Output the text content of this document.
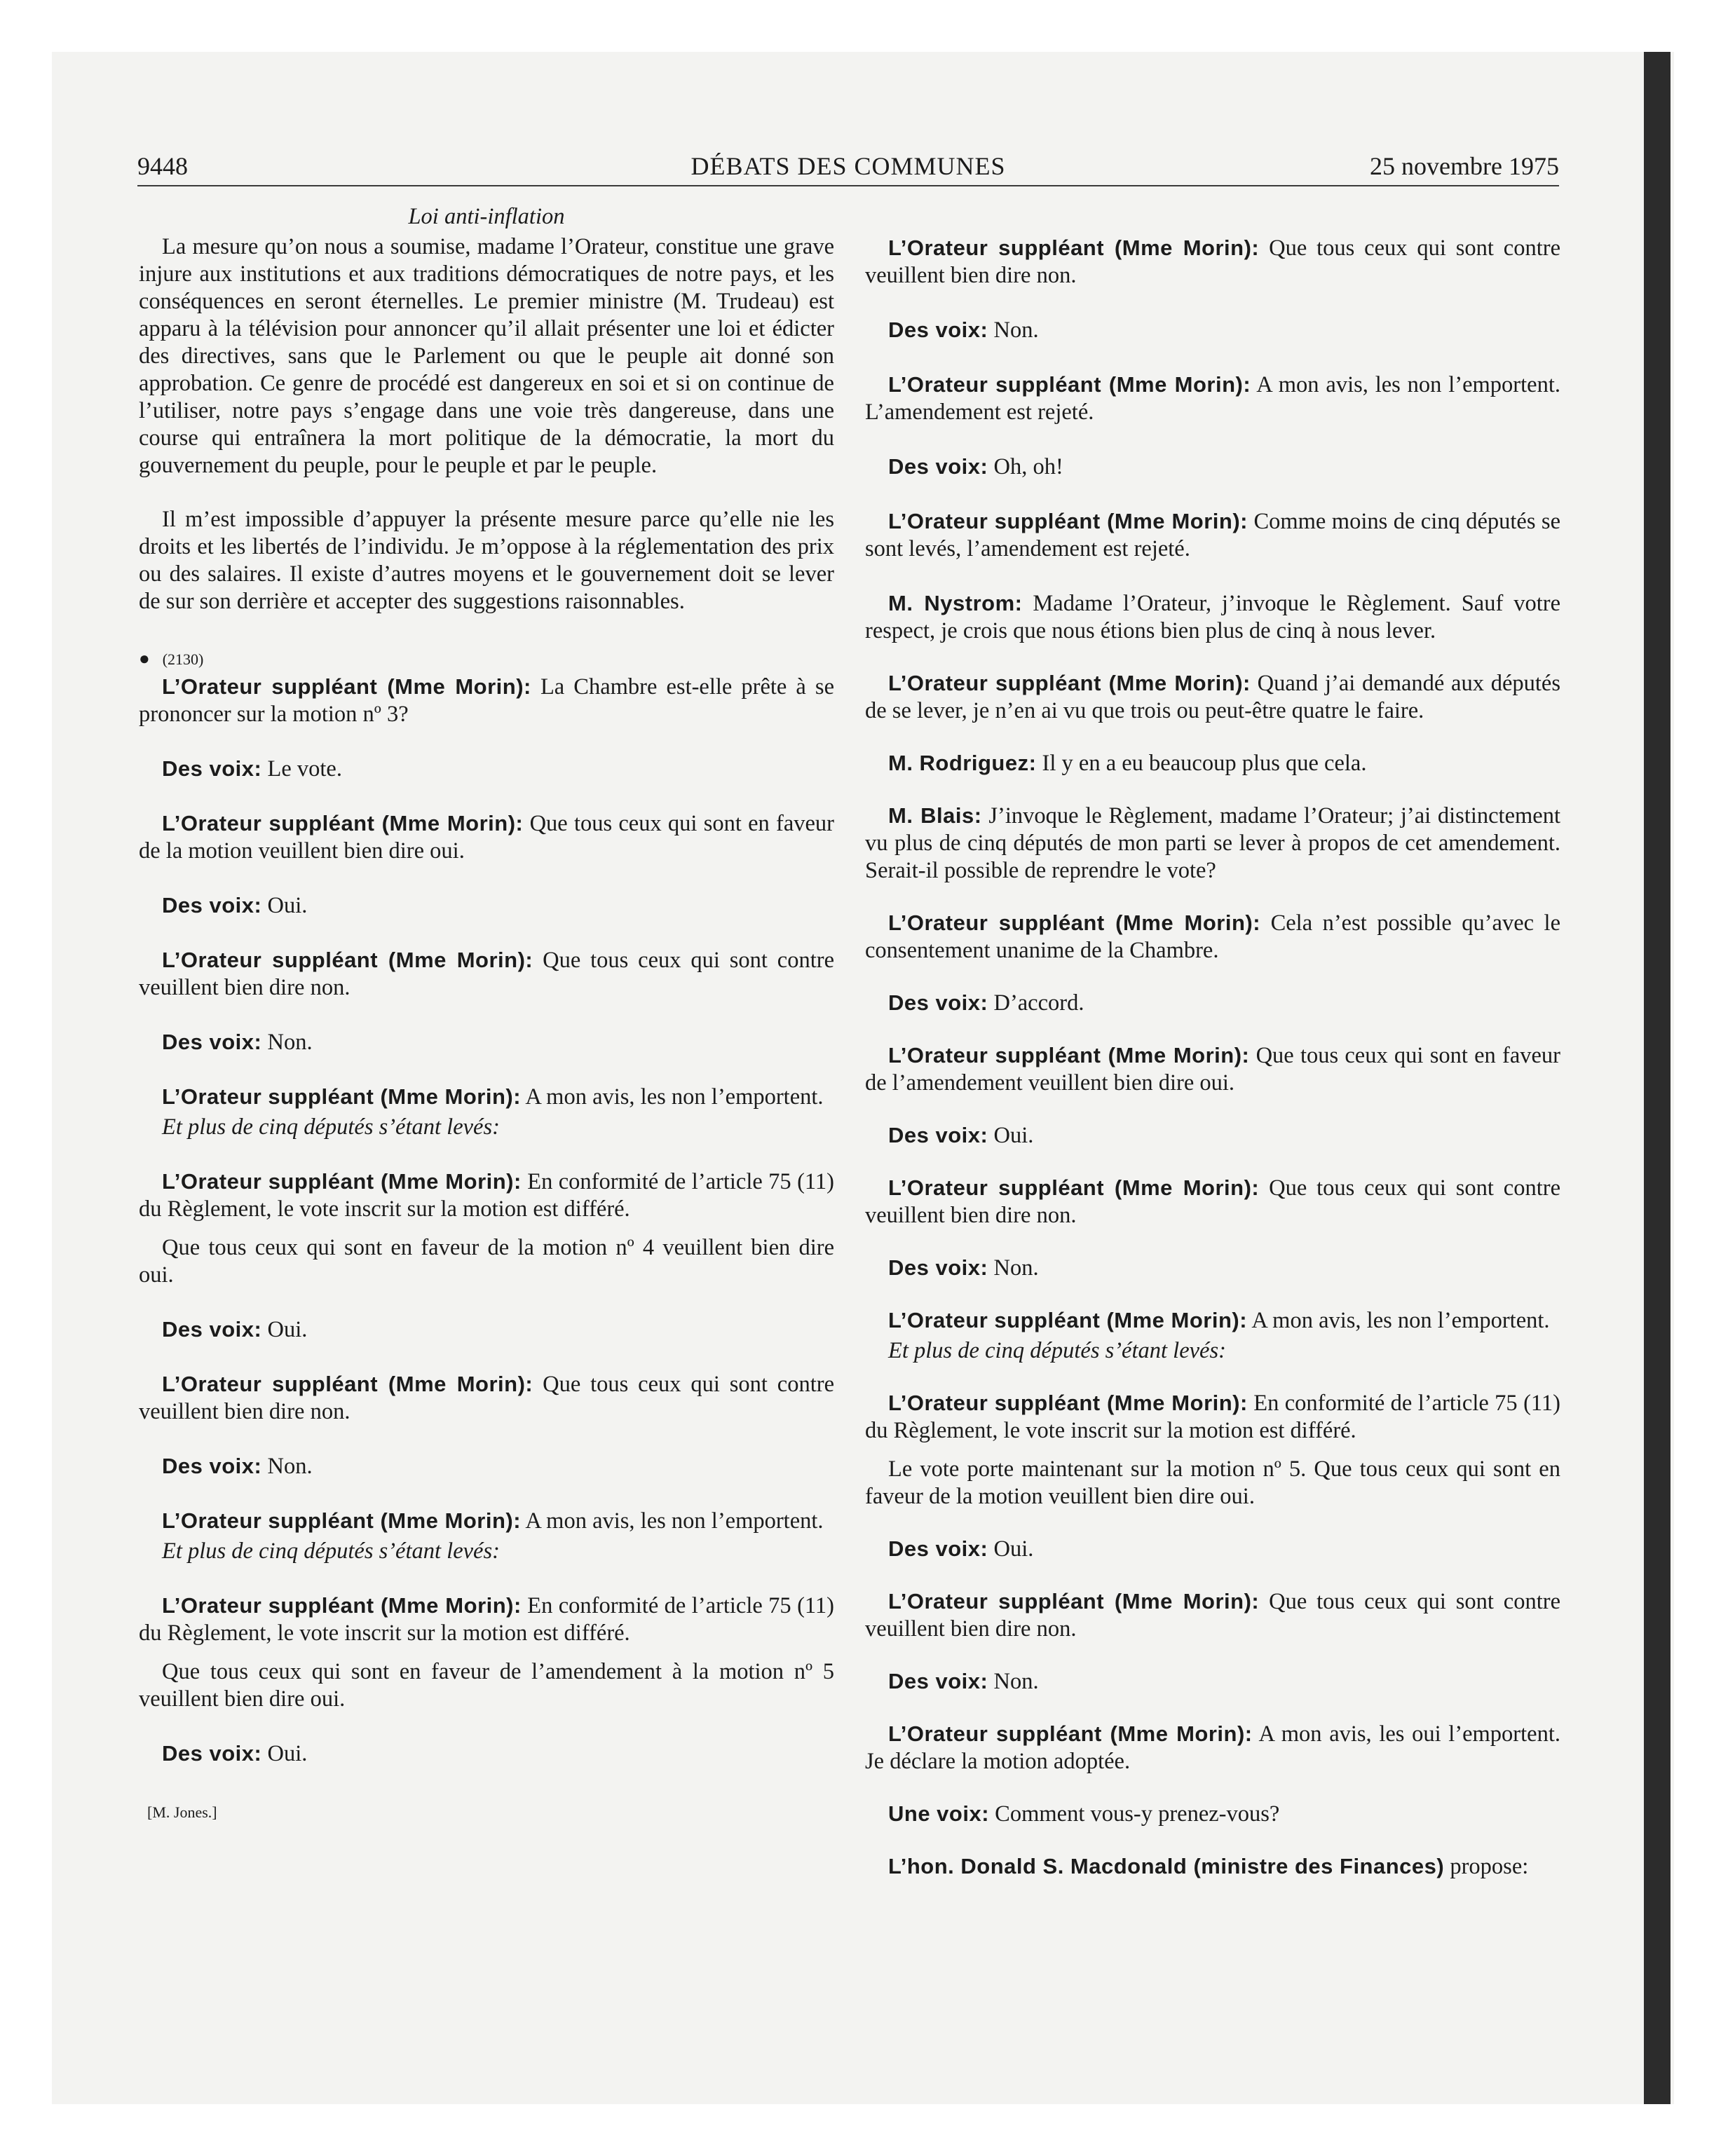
9448	DÉBATS DES COMMUNES	25 novembre 1975

Loi anti-inflation

La mesure qu’on nous a soumise, madame l’Orateur, constitue une grave injure aux institutions et aux traditions démocratiques de notre pays, et les conséquences en seront éternelles. Le premier ministre (M. Trudeau) est apparu à la télévision pour annoncer qu’il allait présenter une loi et édicter des directives, sans que le Parlement ou que le peuple ait donné son approbation. Ce genre de procédé est dangereux en soi et si on continue de l’utiliser, notre pays s’engage dans une voie très dangereuse, dans une course qui entraînera la mort politique de la démocratie, la mort du gouvernement du peuple, pour le peuple et par le peuple.

Il m’est impossible d’appuyer la présente mesure parce qu’elle nie les droits et les libertés de l’individu. Je m’oppose à la réglementation des prix ou des salaires. Il existe d’autres moyens et le gouvernement doit se lever de sur son derrière et accepter des suggestions raisonnables.

● (2130)

L’Orateur suppléant (Mme Morin): La Chambre est-elle prête à se prononcer sur la motion nº 3?

Des voix: Le vote.

L’Orateur suppléant (Mme Morin): Que tous ceux qui sont en faveur de la motion veuillent bien dire oui.

Des voix: Oui.

L’Orateur suppléant (Mme Morin): Que tous ceux qui sont contre veuillent bien dire non.

Des voix: Non.

L’Orateur suppléant (Mme Morin): A mon avis, les non l’emportent.

Et plus de cinq députés s’étant levés:

L’Orateur suppléant (Mme Morin): En conformité de l’article 75 (11) du Règlement, le vote inscrit sur la motion est différé.

Que tous ceux qui sont en faveur de la motion nº 4 veuillent bien dire oui.

Des voix: Oui.

L’Orateur suppléant (Mme Morin): Que tous ceux qui sont contre veuillent bien dire non.

Des voix: Non.

L’Orateur suppléant (Mme Morin): A mon avis, les non l’emportent.

Et plus de cinq députés s’étant levés:

L’Orateur suppléant (Mme Morin): En conformité de l’article 75 (11) du Règlement, le vote inscrit sur la motion est différé.

Que tous ceux qui sont en faveur de l’amendement à la motion nº 5 veuillent bien dire oui.

Des voix: Oui.

[M. Jones.]

L’Orateur suppléant (Mme Morin): Que tous ceux qui sont contre veuillent bien dire non.

Des voix: Non.

L’Orateur suppléant (Mme Morin): A mon avis, les non l’emportent. L’amendement est rejeté.

Des voix: Oh, oh!

L’Orateur suppléant (Mme Morin): Comme moins de cinq députés se sont levés, l’amendement est rejeté.

M. Nystrom: Madame l’Orateur, j’invoque le Règlement. Sauf votre respect, je crois que nous étions bien plus de cinq à nous lever.

L’Orateur suppléant (Mme Morin): Quand j’ai demandé aux députés de se lever, je n’en ai vu que trois ou peut-être quatre le faire.

M. Rodriguez: Il y en a eu beaucoup plus que cela.

M. Blais: J’invoque le Règlement, madame l’Orateur; j’ai distinctement vu plus de cinq députés de mon parti se lever à propos de cet amendement. Serait-il possible de reprendre le vote?

L’Orateur suppléant (Mme Morin): Cela n’est possible qu’avec le consentement unanime de la Chambre.

Des voix: D’accord.

L’Orateur suppléant (Mme Morin): Que tous ceux qui sont en faveur de l’amendement veuillent bien dire oui.

Des voix: Oui.

L’Orateur suppléant (Mme Morin): Que tous ceux qui sont contre veuillent bien dire non.

Des voix: Non.

L’Orateur suppléant (Mme Morin): A mon avis, les non l’emportent.

Et plus de cinq députés s’étant levés:

L’Orateur suppléant (Mme Morin): En conformité de l’article 75 (11) du Règlement, le vote inscrit sur la motion est différé.

Le vote porte maintenant sur la motion nº 5. Que tous ceux qui sont en faveur de la motion veuillent bien dire oui.

Des voix: Oui.

L’Orateur suppléant (Mme Morin): Que tous ceux qui sont contre veuillent bien dire non.

Des voix: Non.

L’Orateur suppléant (Mme Morin): A mon avis, les oui l’emportent. Je déclare la motion adoptée.

Une voix: Comment vous-y prenez-vous?

L’hon. Donald S. Macdonald (ministre des Finances) propose:
